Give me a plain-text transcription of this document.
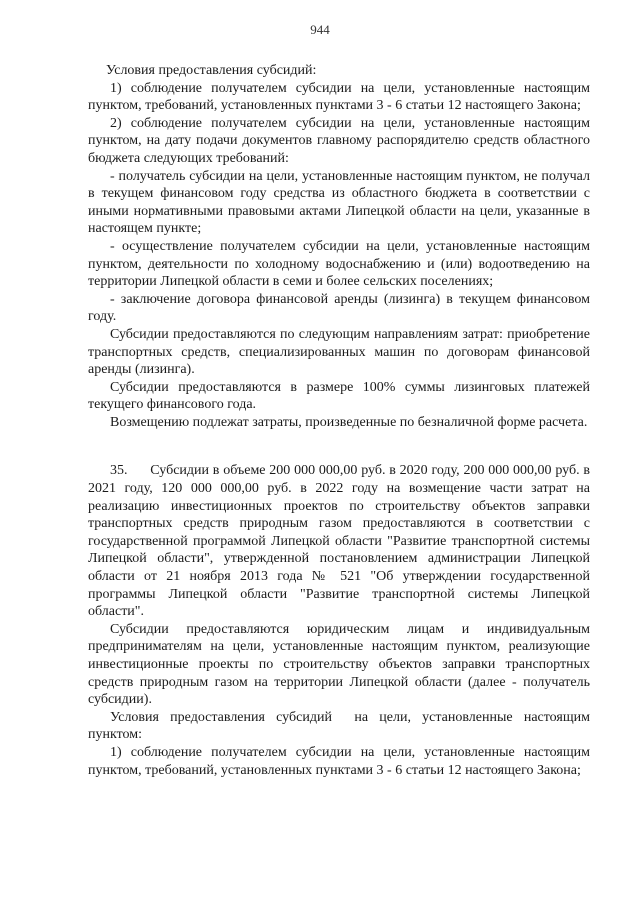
944

Условия предоставления субсидий:

1) соблюдение получателем субсидии на цели, установленные настоящим пунктом, требований, установленных пунктами 3 - 6 статьи 12 настоящего Закона;

2) соблюдение получателем субсидии на цели, установленные настоящим пунктом, на дату подачи документов главному распорядителю средств областного бюджета следующих требований:

- получатель субсидии на цели, установленные настоящим пунктом, не получал в текущем финансовом году средства из областного бюджета в соответствии с иными нормативными правовыми актами Липецкой области на цели, указанные в настоящем пункте;

- осуществление получателем субсидии на цели, установленные настоящим пунктом, деятельности по холодному водоснабжению и (или) водоотведению на территории Липецкой области в семи и более сельских поселениях;

- заключение договора финансовой аренды (лизинга) в текущем финансовом году.

Субсидии предоставляются по следующим направлениям затрат: приобретение транспортных средств, специализированных машин по договорам финансовой аренды (лизинга).

Субсидии предоставляются в размере 100% суммы лизинговых платежей текущего финансового года.

Возмещению подлежат затраты, произведенные по безналичной форме расчета.

35.      Субсидии в объеме 200 000 000,00 руб. в 2020 году, 200 000 000,00 руб. в 2021 году, 120 000 000,00 руб. в 2022 году на возмещение части затрат на реализацию инвестиционных проектов по строительству объектов заправки транспортных средств природным газом предоставляются в соответствии с государственной программой Липецкой области "Развитие транспортной системы Липецкой области", утвержденной постановлением администрации Липецкой области от 21 ноября 2013 года № 521 "Об утверждении государственной программы Липецкой области "Развитие транспортной системы Липецкой области".

Субсидии предоставляются юридическим лицам и индивидуальным предпринимателям на цели, установленные настоящим пунктом, реализующие инвестиционные проекты по строительству объектов заправки транспортных средств природным газом на территории Липецкой области (далее - получатель субсидии).

Условия предоставления субсидий  на цели, установленные настоящим пунктом:

1) соблюдение получателем субсидии на цели, установленные настоящим пунктом, требований, установленных пунктами 3 - 6 статьи 12 настоящего Закона;
